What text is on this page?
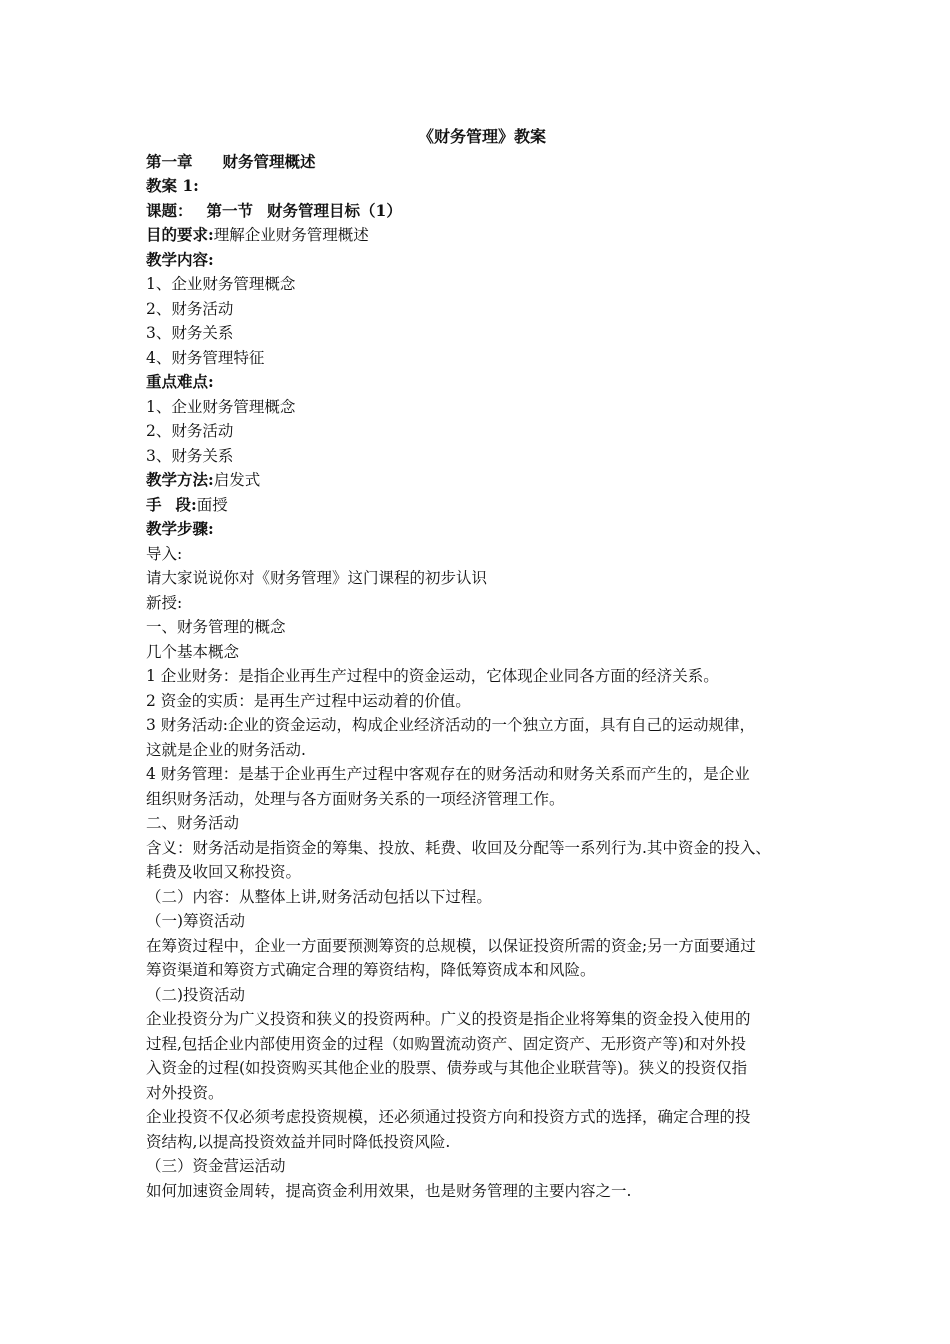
《财务管理》教案
第一章 财务管理概述
教案 1:
课题： 第一节 财务管理目标（1）
目的要求:理解企业财务管理概述
教学内容:
1、企业财务管理概念
2、财务活动
3、财务关系
4、财务管理特征
重点难点:
1、企业财务管理概念
2、财务活动
3、财务关系
教学方法:启发式
手 段:面授
教学步骤:
导入:
请大家说说你对《财务管理》这门课程的初步认识
新授:
一、财务管理的概念
几个基本概念
1 企业财务：是指企业再生产过程中的资金运动，它体现企业同各方面的经济关系。
2 资金的实质：是再生产过程中运动着的价值。
3 财务活动:企业的资金运动，构成企业经济活动的一个独立方面，具有自己的运动规律，
这就是企业的财务活动.
4 财务管理：是基于企业再生产过程中客观存在的财务活动和财务关系而产生的，是企业
组织财务活动，处理与各方面财务关系的一项经济管理工作。
二、财务活动
含义：财务活动是指资金的筹集、投放、耗费、收回及分配等一系列行为.其中资金的投入、
耗费及收回又称投资。
（二）内容：从整体上讲,财务活动包括以下过程。
（一)筹资活动
在筹资过程中，企业一方面要预测筹资的总规模，以保证投资所需的资金;另一方面要通过
筹资渠道和筹资方式确定合理的筹资结构，降低筹资成本和风险。
（二)投资活动
企业投资分为广义投资和狭义的投资两种。广义的投资是指企业将筹集的资金投入使用的
过程,包括企业内部使用资金的过程（如购置流动资产、固定资产、无形资产等)和对外投
入资金的过程(如投资购买其他企业的股票、债券或与其他企业联营等)。狭义的投资仅指
对外投资。
企业投资不仅必须考虑投资规模，还必须通过投资方向和投资方式的选择，确定合理的投
资结构,以提高投资效益并同时降低投资风险.
（三）资金营运活动
如何加速资金周转，提高资金利用效果，也是财务管理的主要内容之一.
